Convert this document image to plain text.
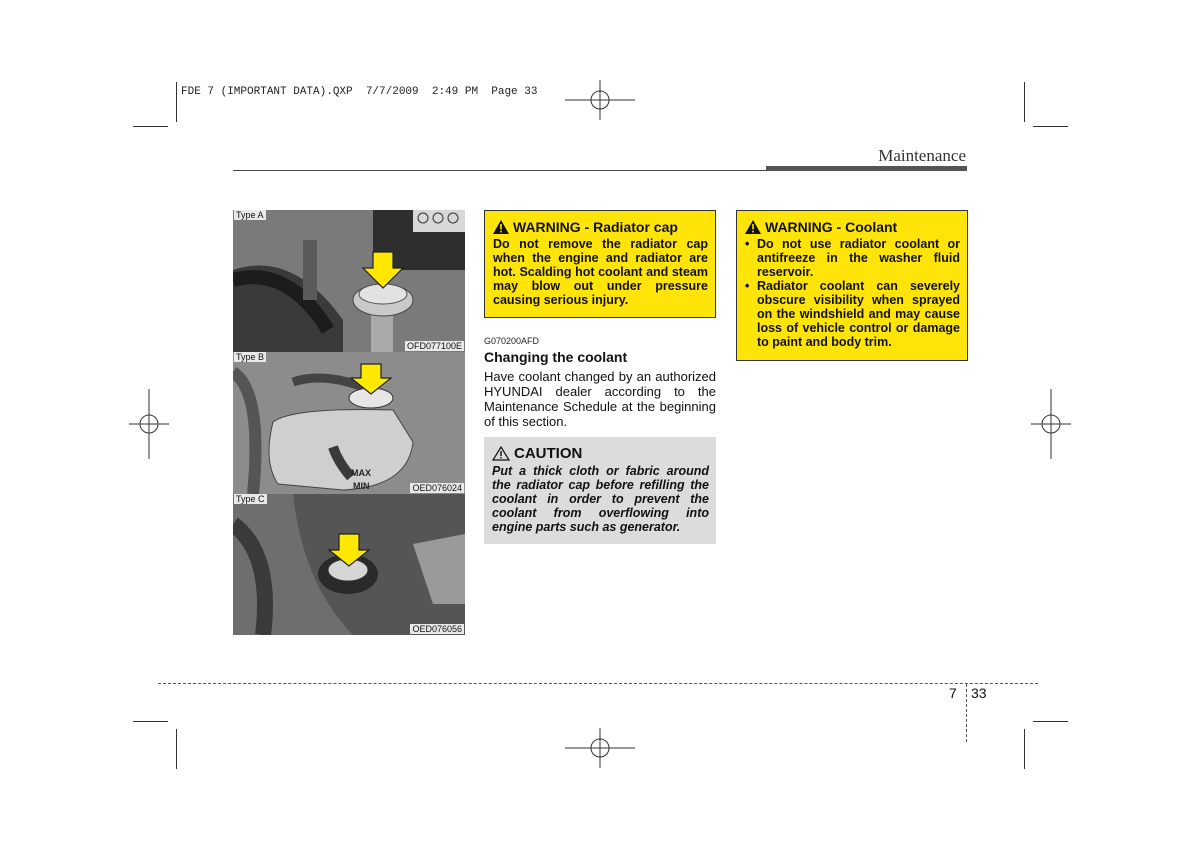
FDE 7 (IMPORTANT DATA).QXP  7/7/2009  2:49 PM  Page 33
Maintenance
Type A
OFD077100E
MAX
MIN
Type B
OED076024
Type C
OED076056
WARNING - Radiator cap
Do not remove the radiator cap when the engine and radiator are hot. Scalding hot coolant and steam may blow out under pressure causing serious injury.
G070200AFD
Changing the coolant
Have coolant changed by an authorized HYUNDAI dealer according to the Maintenance Schedule at the beginning of this section.
CAUTION
Put a thick cloth or fabric around the radiator cap before refilling the coolant in order to prevent the coolant from overflowing into engine parts such as generator.
WARNING - Coolant
• Do not use radiator coolant or antifreeze in the washer fluid reservoir.
• Radiator coolant can severely obscure visibility when sprayed on the windshield and may cause loss of vehicle control or damage to paint and body trim.
7 33
